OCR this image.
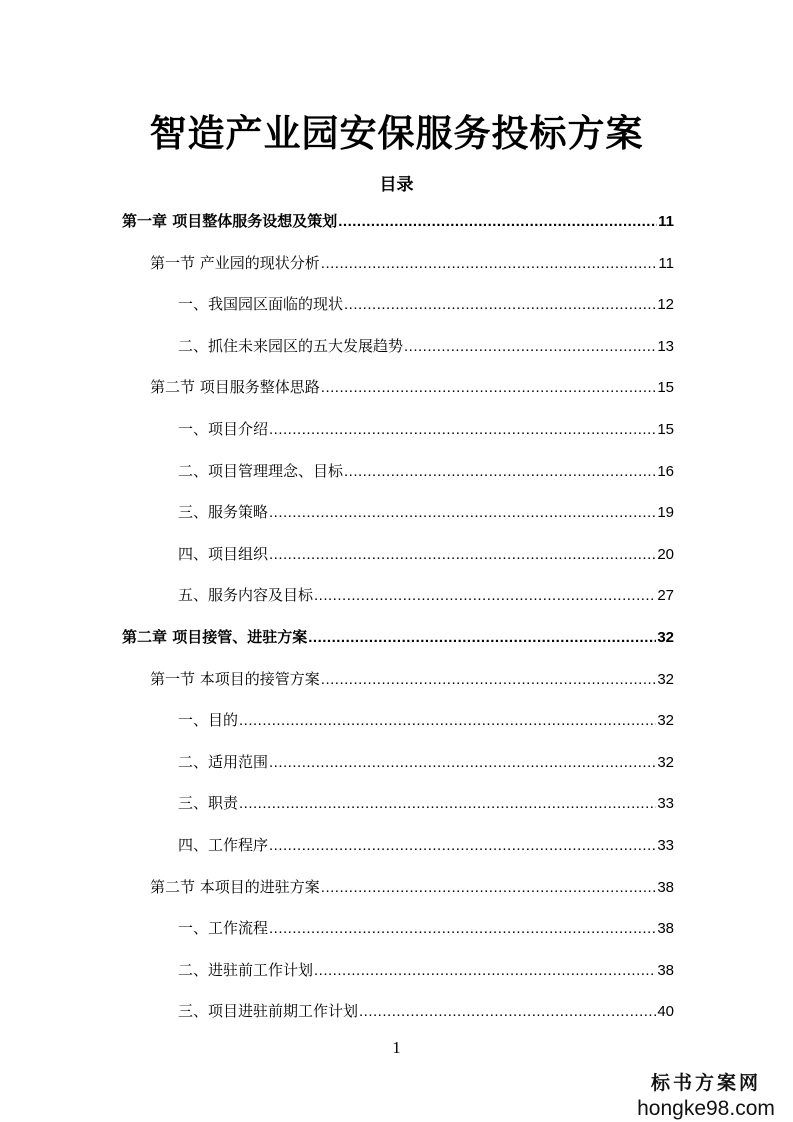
智造产业园安保服务投标方案
目录
第一章 项目整体服务设想及策划 .....	11
第一节 产业园的现状分析 .....	11
一、我国园区面临的现状 .....	12
二、抓住未来园区的五大发展趋势 .....	13
第二节 项目服务整体思路 .....	15
一、项目介绍 .....	15
二、项目管理理念、目标 .....	16
三、服务策略 .....	19
四、项目组织 .....	20
五、服务内容及目标 .....	27
第二章 项目接管、进驻方案 .....	32
第一节 本项目的接管方案 .....	32
一、目的 .....	32
二、适用范围 .....	32
三、职责 .....	33
四、工作程序 .....	33
第二节 本项目的进驻方案 .....	38
一、工作流程 .....	38
二、进驻前工作计划 .....	38
三、项目进驻前期工作计划 .....	40
1
标书方案网
hongke98.com
